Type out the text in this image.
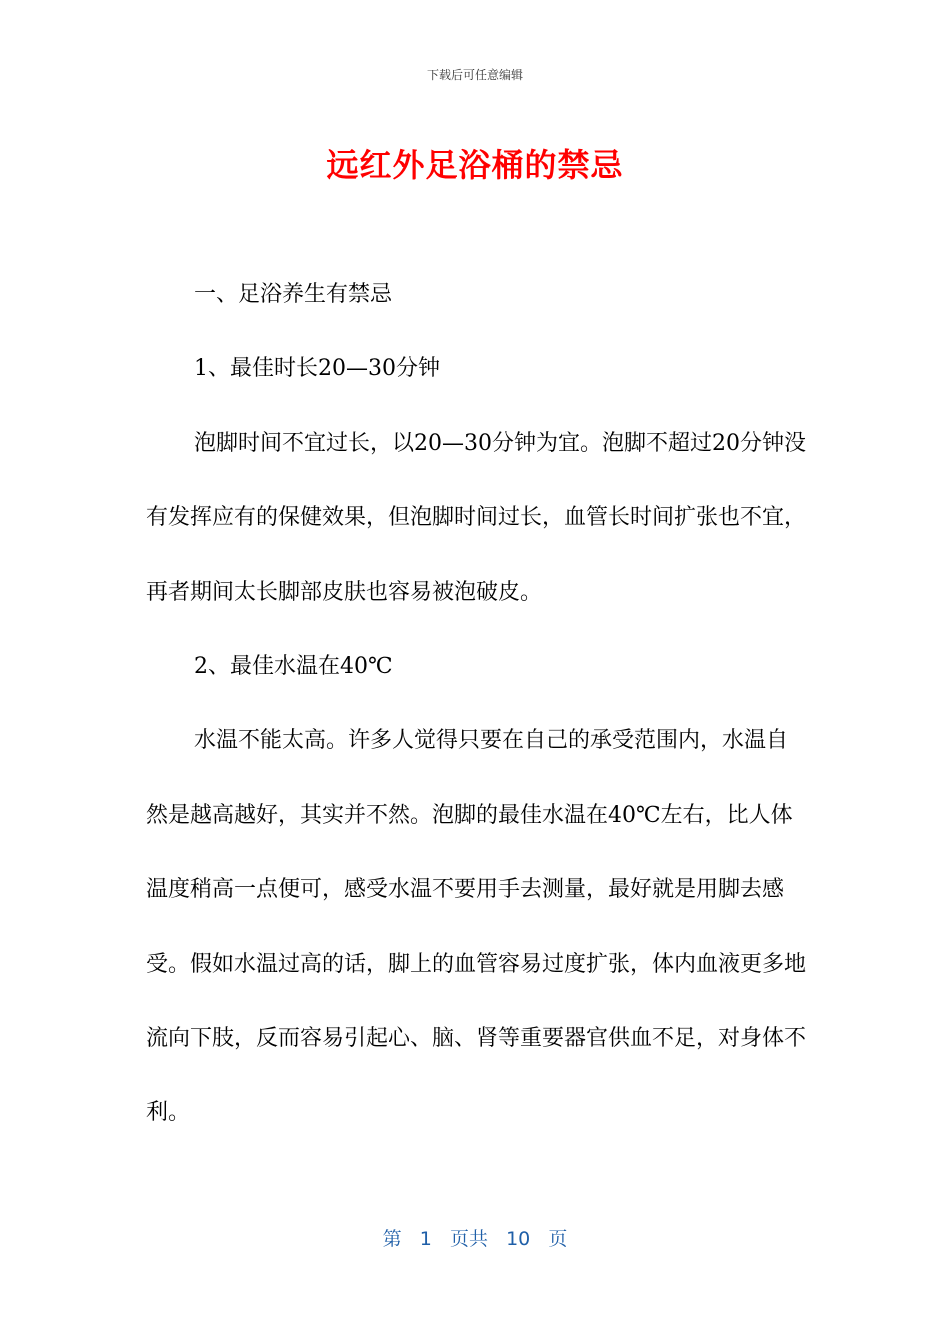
下载后可任意编辑
远红外足浴桶的禁忌

一、足浴养生有禁忌

1、最佳时长20—30分钟

泡脚时间不宜过长，以20—30分钟为宜。泡脚不超过20分钟没有发挥应有的保健效果，但泡脚时间过长，血管长时间扩张也不宜，再者期间太长脚部皮肤也容易被泡破皮。

2、最佳水温在40℃

水温不能太高。许多人觉得只要在自己的承受范围内，水温自然是越高越好，其实并不然。泡脚的最佳水温在40℃左右，比人体温度稍高一点便可，感受水温不要用手去测量，最好就是用脚去感受。假如水温过高的话，脚上的血管容易过度扩张，体内血液更多地流向下肢，反而容易引起心、脑、肾等重要器官供血不足，对身体不利。

第 1 页共 10 页
